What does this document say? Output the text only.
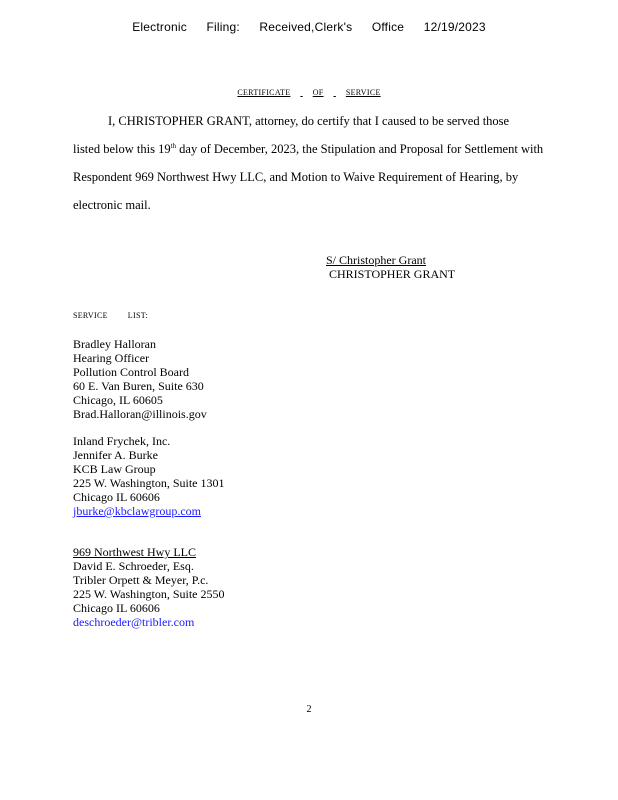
Electronic Filing: Received,Clerk's Office 12/19/2023
CERTIFICATE	OF	SERVICE
I, CHRISTOPHER GRANT, attorney, do certify that I caused to be served those
listed below this 19th day of December, 2023, the Stipulation and Proposal for Settlement with
Respondent 969 Northwest Hwy LLC, and Motion to Waive Requirement of Hearing, by
electronic mail.
S/ Christopher Grant
CHRISTOPHER GRANT
SERVICE	LIST:
Bradley Halloran
Hearing Officer
Pollution Control Board
60 E. Van Buren, Suite 630
Chicago, IL 60605
Brad.Halloran@illinois.gov
Inland Frychek, Inc.
Jennifer A. Burke
KCB Law Group
225 W. Washington, Suite 1301
Chicago IL 60606
jburke@kbclawgroup.com
969 Northwest Hwy LLC
David E. Schroeder, Esq.
Tribler Orpett & Meyer, P.c.
225 W. Washington, Suite 2550
Chicago IL 60606
deschroeder@tribler.com
2
